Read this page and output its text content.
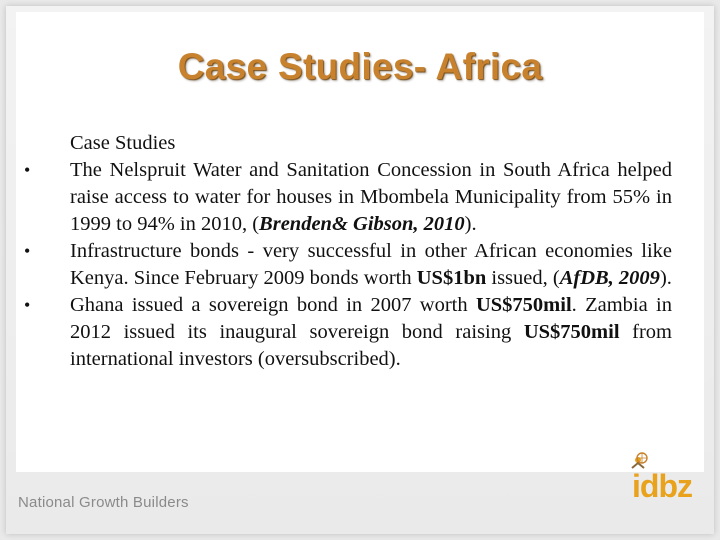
Case Studies- Africa
Case Studies
• The Nelspruit Water and Sanitation Concession in South Africa helped raise access to water for houses in Mbombela Municipality from 55% in 1999 to 94% in 2010, (Brenden& Gibson, 2010).
• Infrastructure bonds - very successful in other African economies like Kenya. Since February 2009 bonds worth US$1bn issued, (AfDB, 2009).
• Ghana issued a sovereign bond in 2007 worth US$750mil. Zambia in 2012 issued its inaugural sovereign bond raising US$750mil from international investors (oversubscribed).
National Growth Builders	idbz
